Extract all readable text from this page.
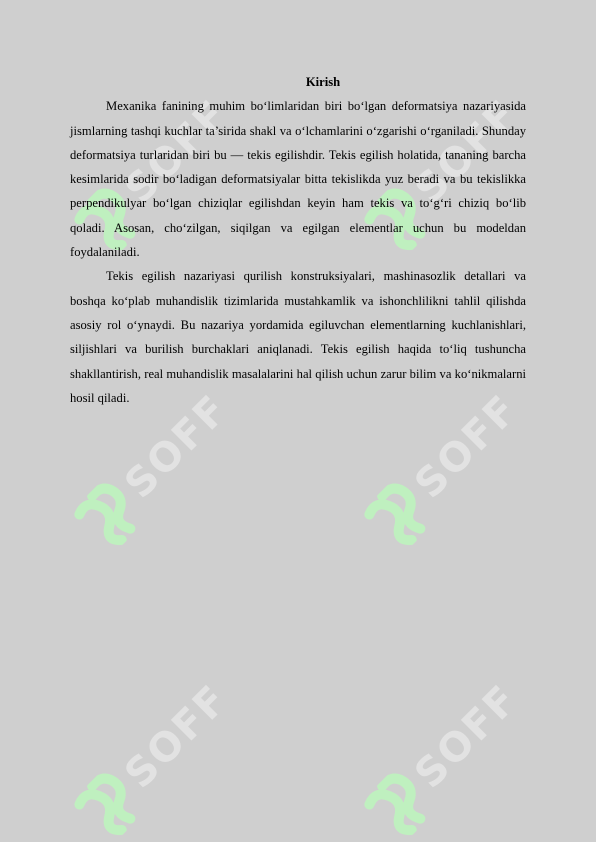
SOFF	SOFF
SOFF	SOFF
SOFF	SOFF

Kirish

Mexanika fanining muhim bo‘limlaridan biri bo‘lgan deformatsiya nazariyasida jismlarning tashqi kuchlar ta’sirida shakl va o‘lchamlarini o‘zgarishi o‘rganiladi. Shunday deformatsiya turlaridan biri bu — tekis egilishdir. Tekis egilish holatida, tananing barcha kesimlarida sodir bo‘ladigan deformatsiyalar bitta tekislikda yuz beradi va bu tekislikka perpendikulyar bo‘lgan chiziqlar egilishdan keyin ham tekis va to‘g‘ri chiziq bo‘lib qoladi. Asosan, cho‘zilgan, siqilgan va egilgan elementlar uchun bu modeldan foydalaniladi.

Tekis egilish nazariyasi qurilish konstruksiyalari, mashinasozlik detallari va boshqa ko‘plab muhandislik tizimlarida mustahkamlik va ishonchlilikni tahlil qilishda asosiy rol o‘ynaydi. Bu nazariya yordamida egiluvchan elementlarning kuchlanishlari, siljishlari va burilish burchaklari aniqlanadi. Tekis egilish haqida to‘liq tushuncha shakllantirish, real muhandislik masalalarini hal qilish uchun zarur bilim va ko‘nikmalarni hosil qiladi.
